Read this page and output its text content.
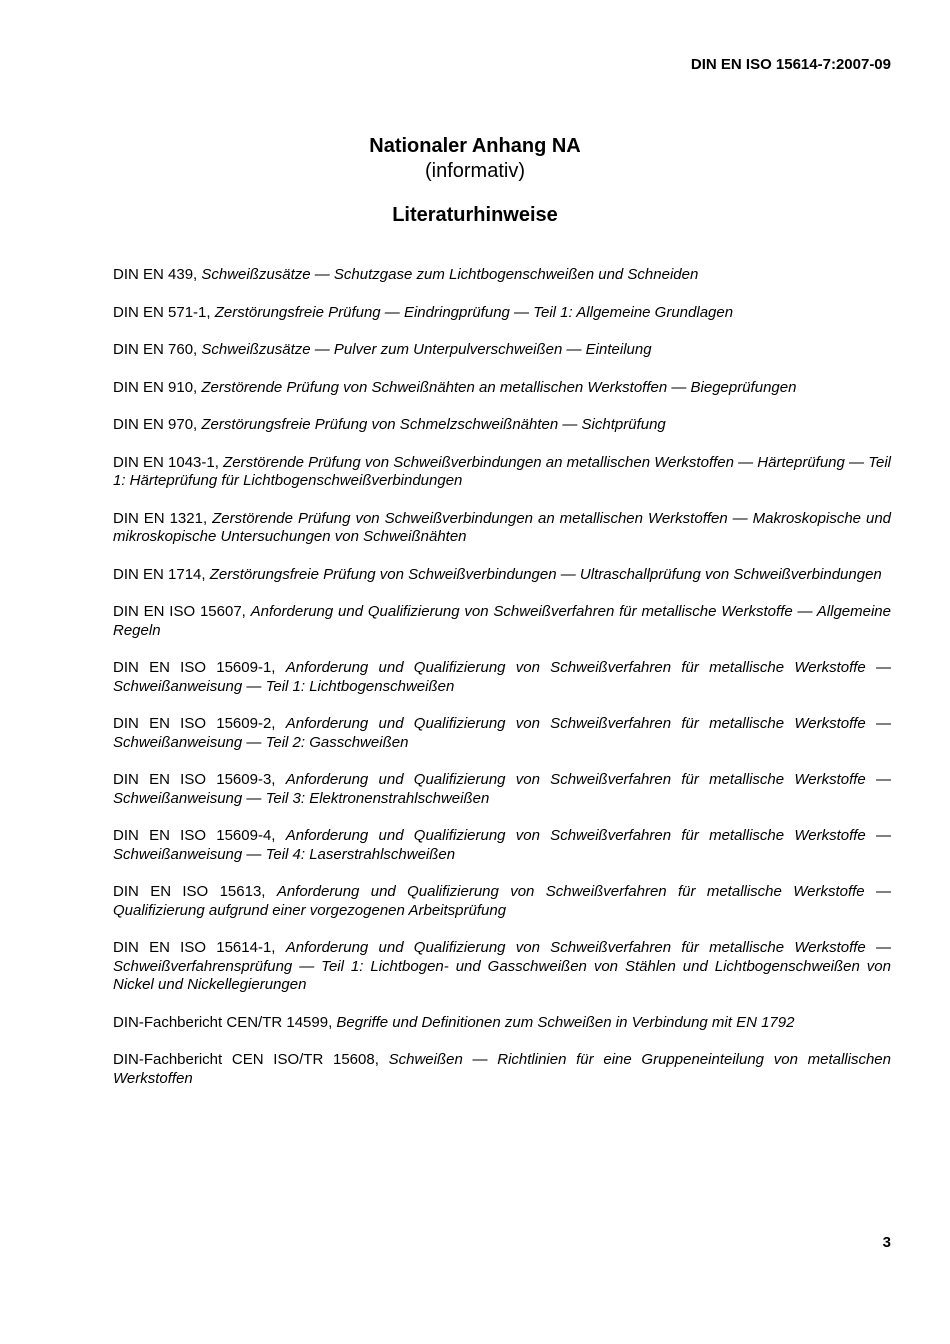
DIN EN ISO 15614-7:2007-09
Nationaler Anhang NA
(informativ)
Literaturhinweise

DIN EN 439, Schweißzusätze — Schutzgase zum Lichtbogenschweißen und Schneiden

DIN EN 571-1, Zerstörungsfreie Prüfung — Eindringprüfung — Teil 1: Allgemeine Grundlagen

DIN EN 760, Schweißzusätze — Pulver zum Unterpulverschweißen — Einteilung

DIN EN 910, Zerstörende Prüfung von Schweißnähten an metallischen Werkstoffen — Biegeprüfungen

DIN EN 970, Zerstörungsfreie Prüfung von Schmelzschweißnähten — Sichtprüfung

DIN EN 1043-1, Zerstörende Prüfung von Schweißverbindungen an metallischen Werkstoffen — Härteprüfung — Teil 1: Härteprüfung für Lichtbogenschweißverbindungen

DIN EN 1321, Zerstörende Prüfung von Schweißverbindungen an metallischen Werkstoffen — Makroskopische und mikroskopische Untersuchungen von Schweißnähten

DIN EN 1714, Zerstörungsfreie Prüfung von Schweißverbindungen — Ultraschallprüfung von Schweißverbindungen

DIN EN ISO 15607, Anforderung und Qualifizierung von Schweißverfahren für metallische Werkstoffe — Allgemeine Regeln

DIN EN ISO 15609-1, Anforderung und Qualifizierung von Schweißverfahren für metallische Werkstoffe — Schweißanweisung — Teil 1: Lichtbogenschweißen

DIN EN ISO 15609-2, Anforderung und Qualifizierung von Schweißverfahren für metallische Werkstoffe — Schweißanweisung — Teil 2: Gasschweißen

DIN EN ISO 15609-3, Anforderung und Qualifizierung von Schweißverfahren für metallische Werkstoffe — Schweißanweisung — Teil 3: Elektronenstrahlschweißen

DIN EN ISO 15609-4, Anforderung und Qualifizierung von Schweißverfahren für metallische Werkstoffe — Schweißanweisung — Teil 4: Laserstrahlschweißen

DIN EN ISO 15613, Anforderung und Qualifizierung von Schweißverfahren für metallische Werkstoffe — Qualifizierung aufgrund einer vorgezogenen Arbeitsprüfung

DIN EN ISO 15614-1, Anforderung und Qualifizierung von Schweißverfahren für metallische Werkstoffe — Schweißverfahrensprüfung — Teil 1: Lichtbogen- und Gasschweißen von Stählen und Lichtbogenschweißen von Nickel und Nickellegierungen

DIN-Fachbericht CEN/TR 14599, Begriffe und Definitionen zum Schweißen in Verbindung mit EN 1792

DIN-Fachbericht CEN ISO/TR 15608, Schweißen — Richtlinien für eine Gruppeneinteilung von metallischen Werkstoffen

3
